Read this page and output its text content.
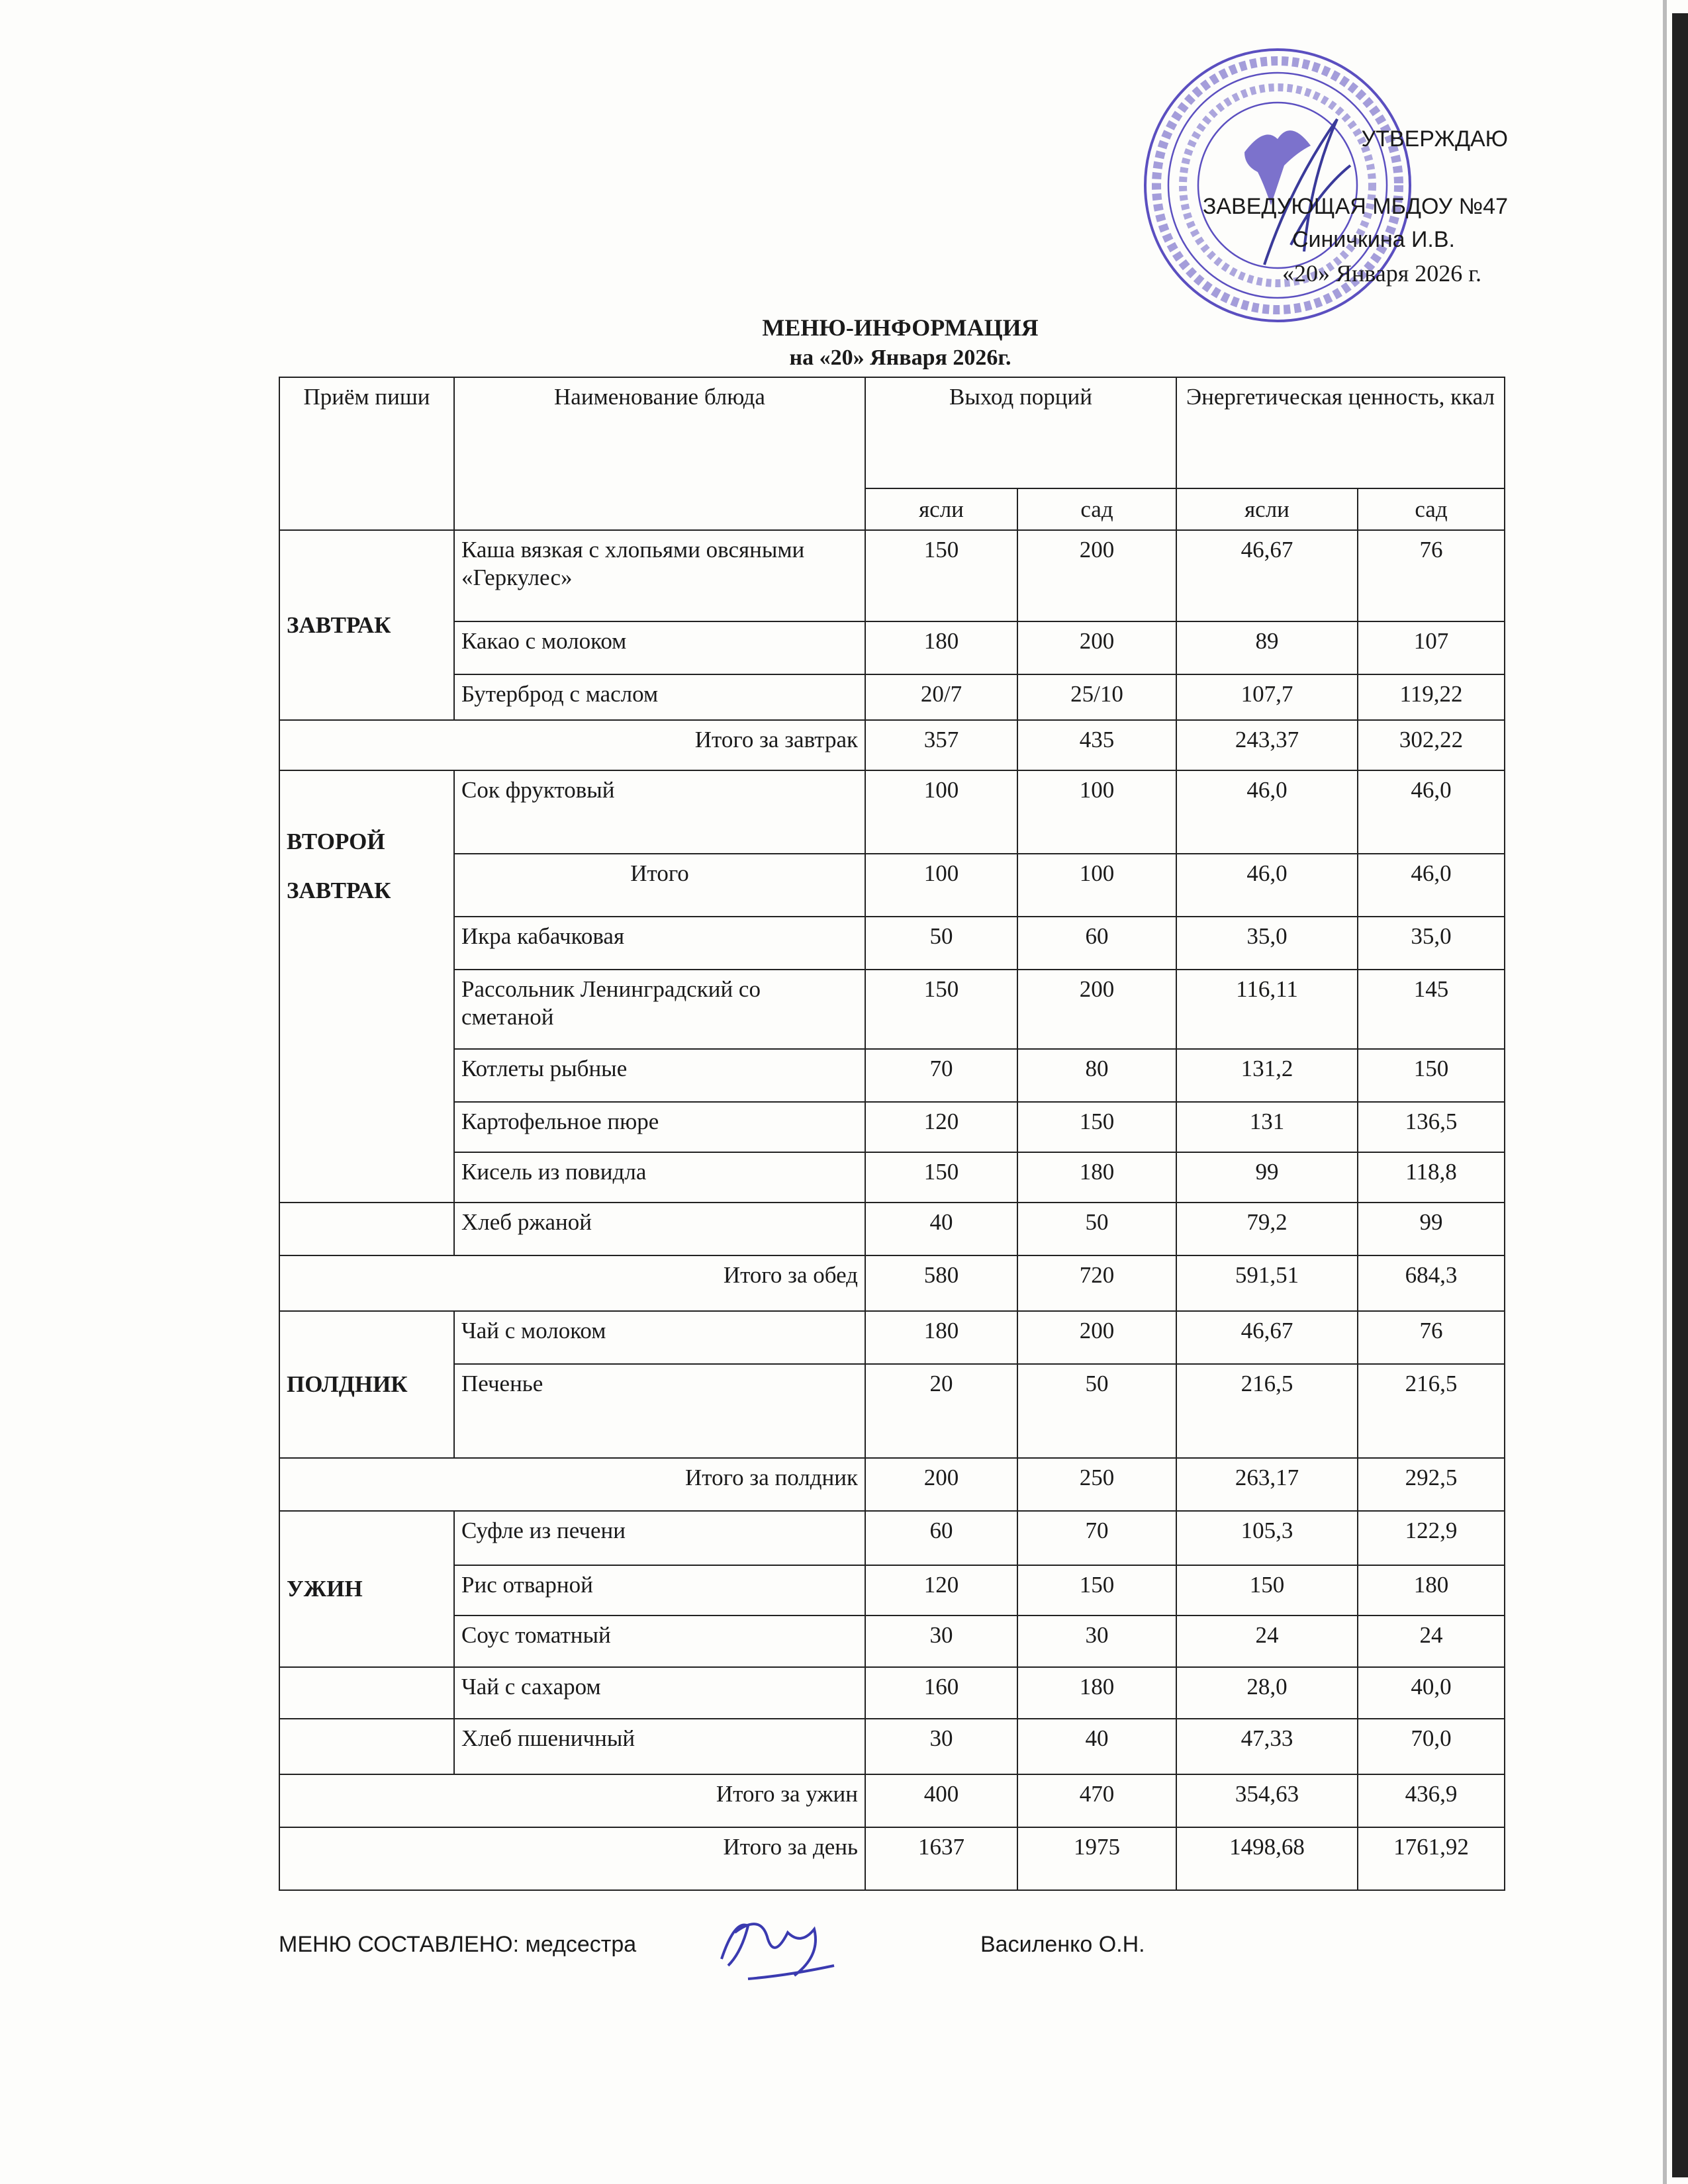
УТВЕРЖДАЮ
ЗАВЕДУЮЩАЯ МБДОУ №47
Синичкина И.В.
«20» Января 2026 г.
МЕНЮ-ИНФОРМАЦИЯ
на «20» Января 2026г.
Приём пиши	Наименование блюда	Выход порций		Энергетическая ценность, ккал	
		ясли	сад	ясли	сад
ЗАВТРАК	Каша вязкая с хлопьями овсяными «Геркулес»	150	200	46,67	76
	Какао с молоком	180	200	89	107
	Бутерброд с маслом	20/7	25/10	107,7	119,22
Итого за завтрак		357	435	243,37	302,22
ВТОРОЙ ЗАВТРАК	Сок фруктовый	100	100	46,0	46,0
	Итого	100	100	46,0	46,0
	Икра кабачковая	50	60	35,0	35,0
	Рассольник Ленинградский со сметаной	150	200	116,11	145
	Котлеты рыбные	70	80	131,2	150
	Картофельное пюре	120	150	131	136,5
	Кисель из повидла	150	180	99	118,8
	Хлеб ржаной	40	50	79,2	99
Итого за обед		580	720	591,51	684,3
ПОЛДНИК	Чай с молоком	180	200	46,67	76
	Печенье	20	50	216,5	216,5
Итого за полдник		200	250	263,17	292,5
УЖИН	Суфле из печени	60	70	105,3	122,9
	Рис отварной	120	150	150	180
	Соус томатный	30	30	24	24
	Чай с сахаром	160	180	28,0	40,0
	Хлеб пшеничный	30	40	47,33	70,0
Итого за ужин		400	470	354,63	436,9
Итого за день		1637	1975	1498,68	1761,92
МЕНЮ СОСТАВЛЕНО: медсестра	Василенко О.Н.
